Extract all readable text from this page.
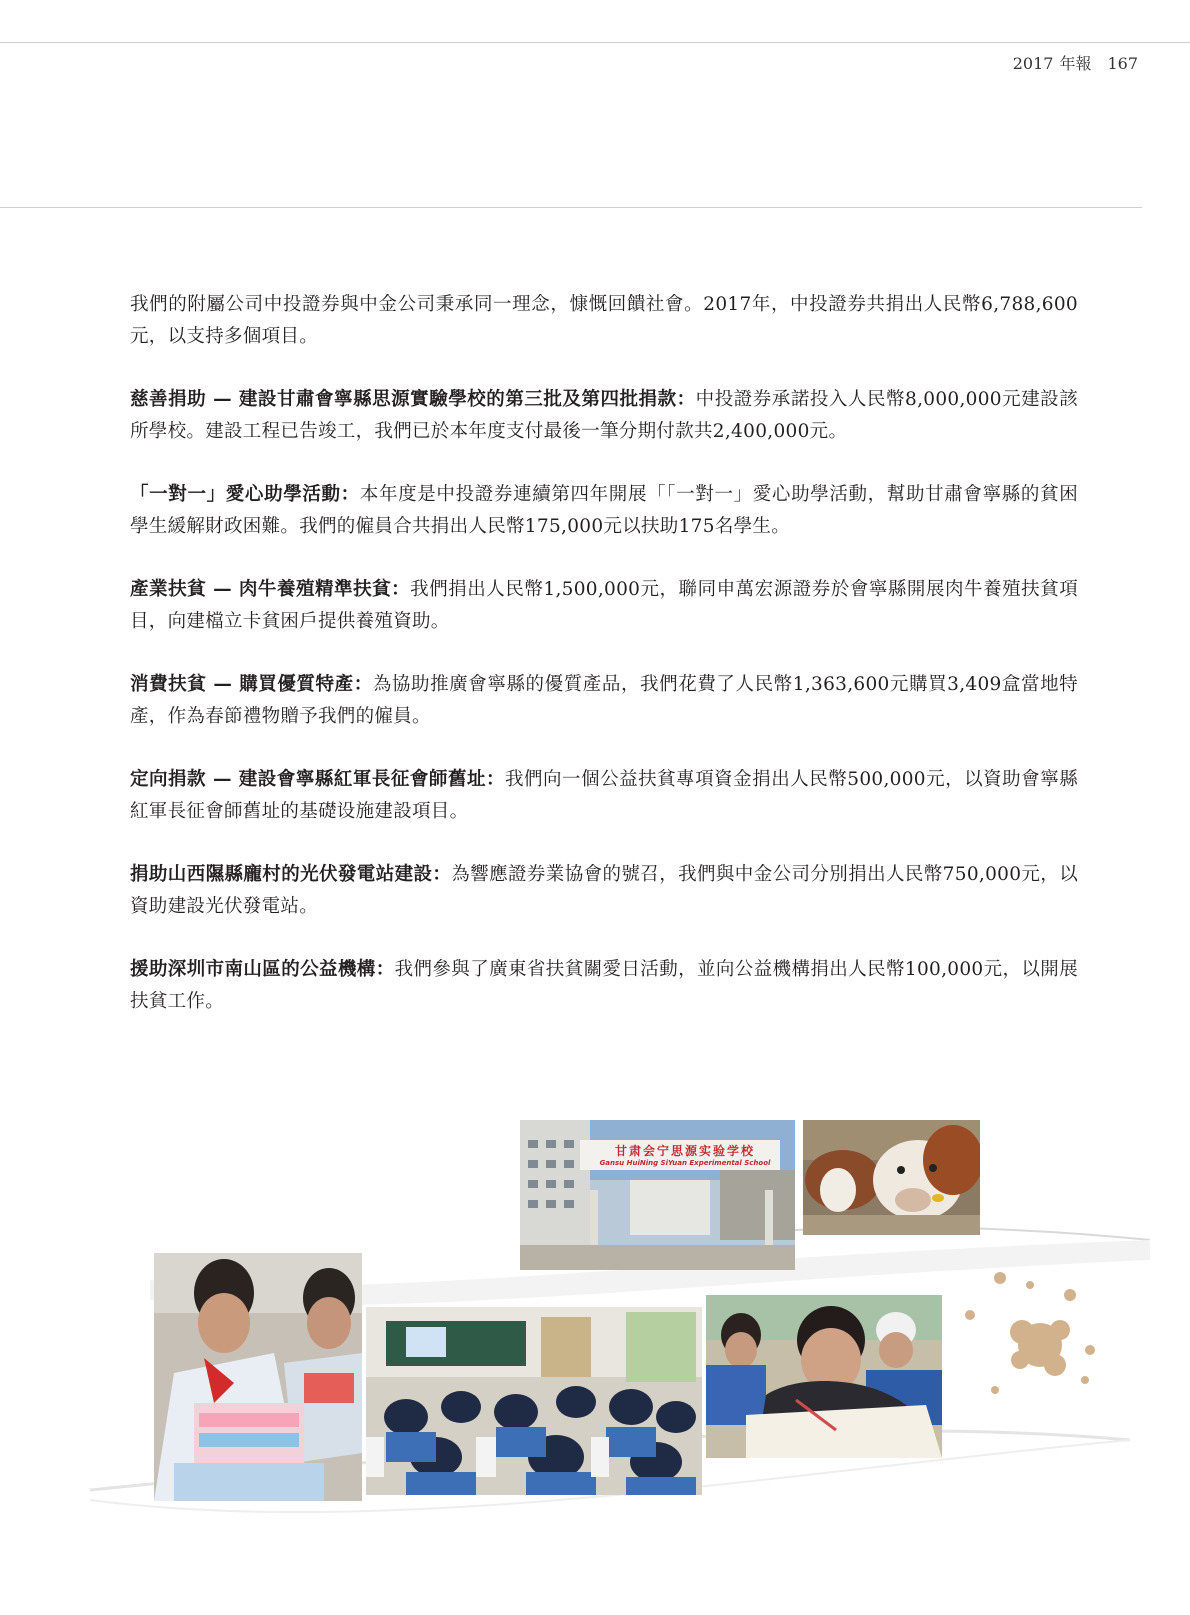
2017 年報 167

我們的附屬公司中投證券與中金公司秉承同一理念，慷慨回饋社會。2017年，中投證券共捐出人民幣6,788,600元，以支持多個項目。

慈善捐助 — 建設甘肅會寧縣思源實驗學校的第三批及第四批捐款：中投證券承諾投入人民幣8,000,000元建設該所學校。建設工程已告竣工，我們已於本年度支付最後一筆分期付款共2,400,000元。

「一對一」愛心助學活動：本年度是中投證券連續第四年開展「「一對一」愛心助學活動，幫助甘肅會寧縣的貧困學生緩解財政困難。我們的僱員合共捐出人民幣175,000元以扶助175名學生。

產業扶貧 — 肉牛養殖精準扶貧：我們捐出人民幣1,500,000元，聯同申萬宏源證券於會寧縣開展肉牛養殖扶貧項目，向建檔立卡貧困戶提供養殖資助。

消費扶貧 — 購買優質特產：為協助推廣會寧縣的優質產品，我們花費了人民幣1,363,600元購買3,409盒當地特產，作為春節禮物贈予我們的僱員。

定向捐款 — 建設會寧縣紅軍長征會師舊址：我們向一個公益扶貧專項資金捐出人民幣500,000元，以資助會寧縣紅軍長征會師舊址的基礎设施建設項目。

捐助山西隰縣龐村的光伏發電站建設：為響應證券業協會的號召，我們與中金公司分別捐出人民幣750,000元，以資助建設光伏發電站。

援助深圳市南山區的公益機構：我們參與了廣東省扶貧關愛日活動，並向公益機構捐出人民幣100,000元，以開展扶貧工作。

甘肃会宁思源实验学校
Gansu HuiNing SiYuan Experimental School
